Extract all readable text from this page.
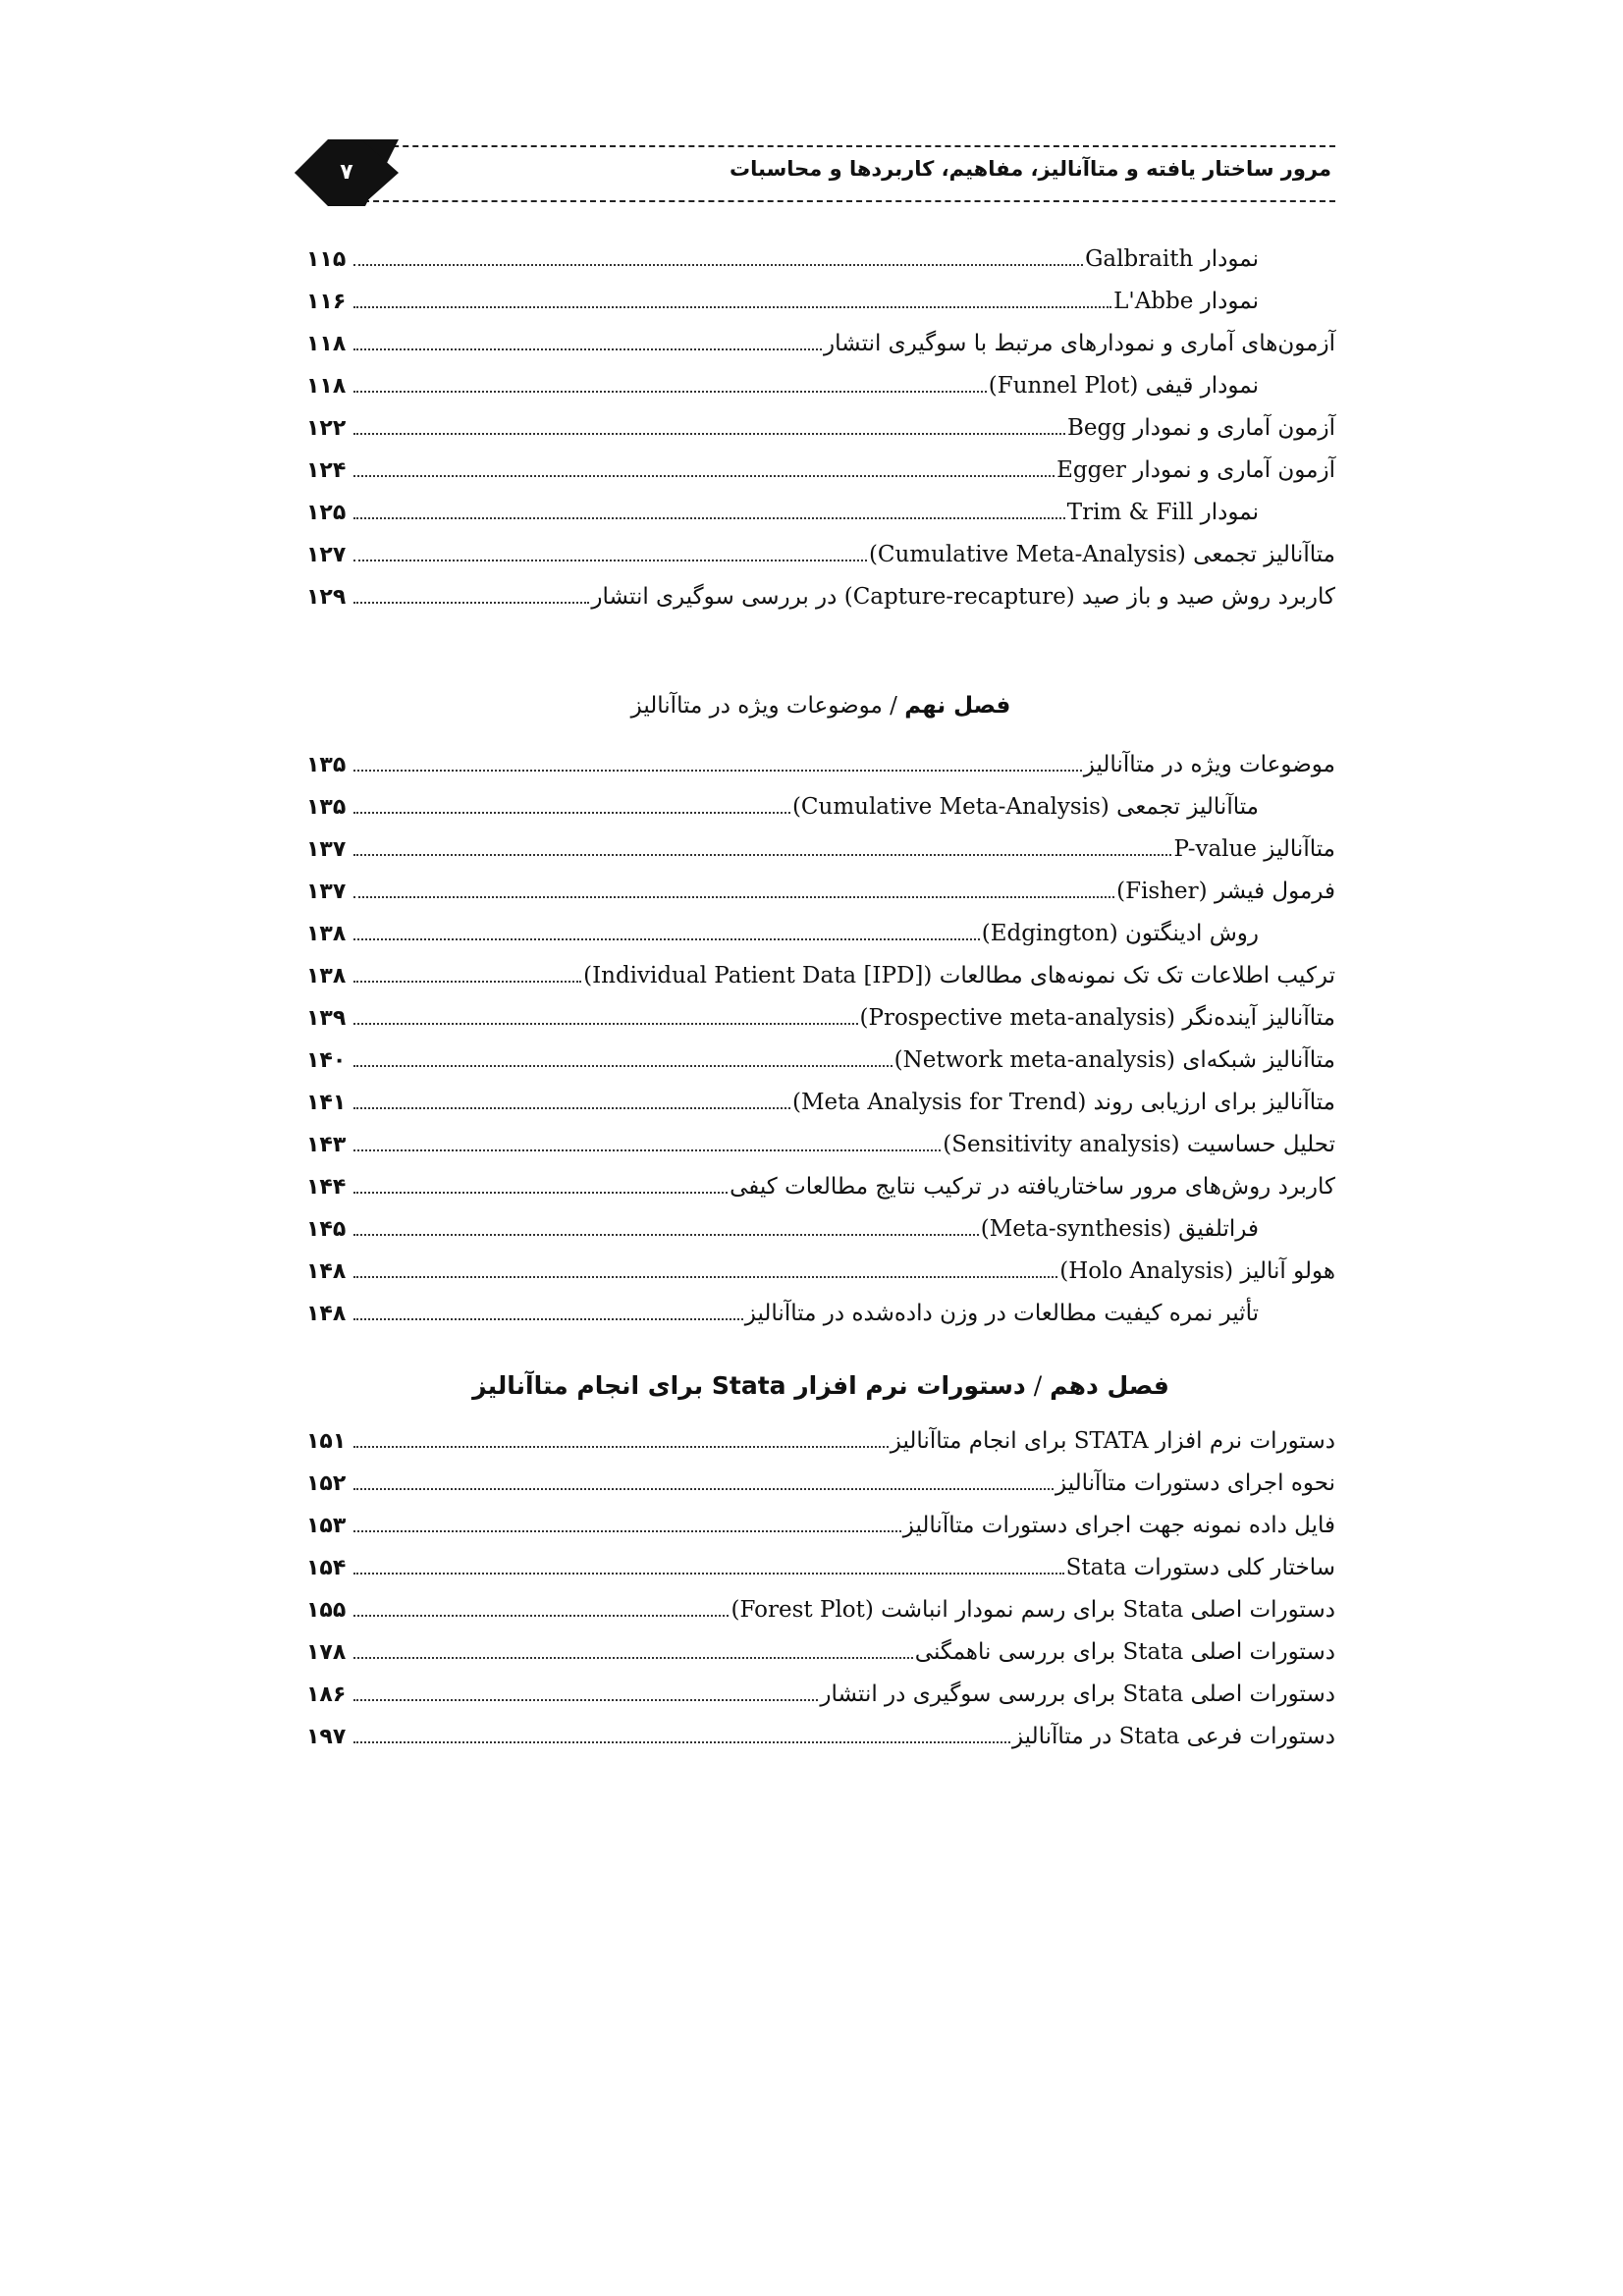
مرور ساختار یافته و متاآنالیز، مفاهیم، کاربردها و محاسبات
۷
نمودار Galbraith
۱۱۵
نمودار L'Abbe
۱۱۶
آزمون‌های آماری و نمودارهای مرتبط با سوگیری انتشار
۱۱۸
نمودار قیفی (Funnel Plot)
۱۱۸
آزمون آماری و نمودار Begg
۱۲۲
آزمون آماری و نمودار Egger
۱۲۴
نمودار Trim & Fill
۱۲۵
متاآنالیز تجمعی (Cumulative Meta-Analysis)
۱۲۷
کاربرد روش صید و باز صید (Capture-recapture) در بررسی سوگیری انتشار
۱۲۹
فصل نهم / موضوعات ویژه در متاآنالیز
موضوعات ویژه در متاآنالیز
۱۳۵
متاآنالیز تجمعی (Cumulative Meta-Analysis)
۱۳۵
متاآنالیز P-value
۱۳۷
فرمول فیشر (Fisher)
۱۳۷
روش ادینگتون (Edgington)
۱۳۸
ترکیب اطلاعات تک تک نمونه‌های مطالعات (Individual Patient Data [IPD])
۱۳۸
متاآنالیز آینده‌نگر (Prospective meta-analysis)
۱۳۹
متاآنالیز شبکه‌ای (Network meta-analysis)
۱۴۰
متاآنالیز برای ارزیابی روند (Meta Analysis for Trend)
۱۴۱
تحلیل حساسیت (Sensitivity analysis)
۱۴۳
کاربرد روش‌های مرور ساختاریافته در ترکیب نتایج مطالعات کیفی
۱۴۴
فراتلفیق (Meta-synthesis)
۱۴۵
هولو آنالیز (Holo Analysis)
۱۴۸
تأثیر نمره کیفیت مطالعات در وزن داده‌شده در متاآنالیز
۱۴۸
فصل دهم / دستورات نرم افزار Stata برای انجام متاآنالیز
دستورات نرم افزار STATA برای انجام متاآنالیز
۱۵۱
نحوه اجرای دستورات متاآنالیز
۱۵۲
فایل داده نمونه جهت اجرای دستورات متاآنالیز
۱۵۳
ساختار کلی دستورات Stata
۱۵۴
دستورات اصلی Stata برای رسم نمودار انباشت (Forest Plot)
۱۵۵
دستورات اصلی Stata برای بررسی ناهمگنی
۱۷۸
دستورات اصلی Stata برای بررسی سوگیری در انتشار
۱۸۶
دستورات فرعی Stata در متاآنالیز
۱۹۷
